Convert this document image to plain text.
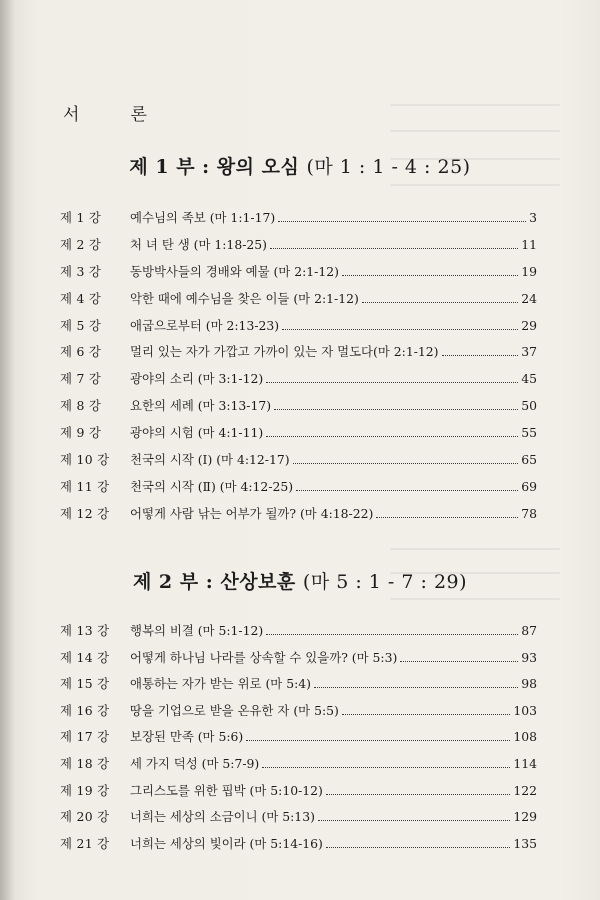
서	론
제 1 부 : 왕의 오심 (마 1 : 1 - 4 : 25)
제 1 강	예수님의 족보 (마 1:1-17)	3
제 2 강	처 녀 탄 생 (마 1:18-25)	11
제 3 강	동방박사들의 경배와 예물 (마 2:1-12)	19
제 4 강	악한 때에 예수님을 찾은 이들 (마 2:1-12)	24
제 5 강	애굽으로부터 (마 2:13-23)	29
제 6 강	멀리 있는 자가 가깝고 가까이 있는 자 멀도다(마 2:1-12)	37
제 7 강	광야의 소리 (마 3:1-12)	45
제 8 강	요한의 세례 (마 3:13-17)	50
제 9 강	광야의 시험 (마 4:1-11)	55
제 10 강	천국의 시작 (Ⅰ) (마 4:12-17)	65
제 11 강	천국의 시작 (Ⅱ) (마 4:12-25)	69
제 12 강	어떻게 사람 낚는 어부가 될까? (마 4:18-22)	78
제 2 부 : 산상보훈 (마 5 : 1 - 7 : 29)
제 13 강	행복의 비결 (마 5:1-12)	87
제 14 강	어떻게 하나님 나라를 상속할 수 있을까? (마 5:3)	93
제 15 강	애통하는 자가 받는 위로 (마 5:4)	98
제 16 강	땅을 기업으로 받을 온유한 자 (마 5:5)	103
제 17 강	보장된 만족 (마 5:6)	108
제 18 강	세 가지 덕성 (마 5:7-9)	114
제 19 강	그리스도를 위한 핍박 (마 5:10-12)	122
제 20 강	너희는 세상의 소금이니 (마 5:13)	129
제 21 강	너희는 세상의 빛이라 (마 5:14-16)	135
